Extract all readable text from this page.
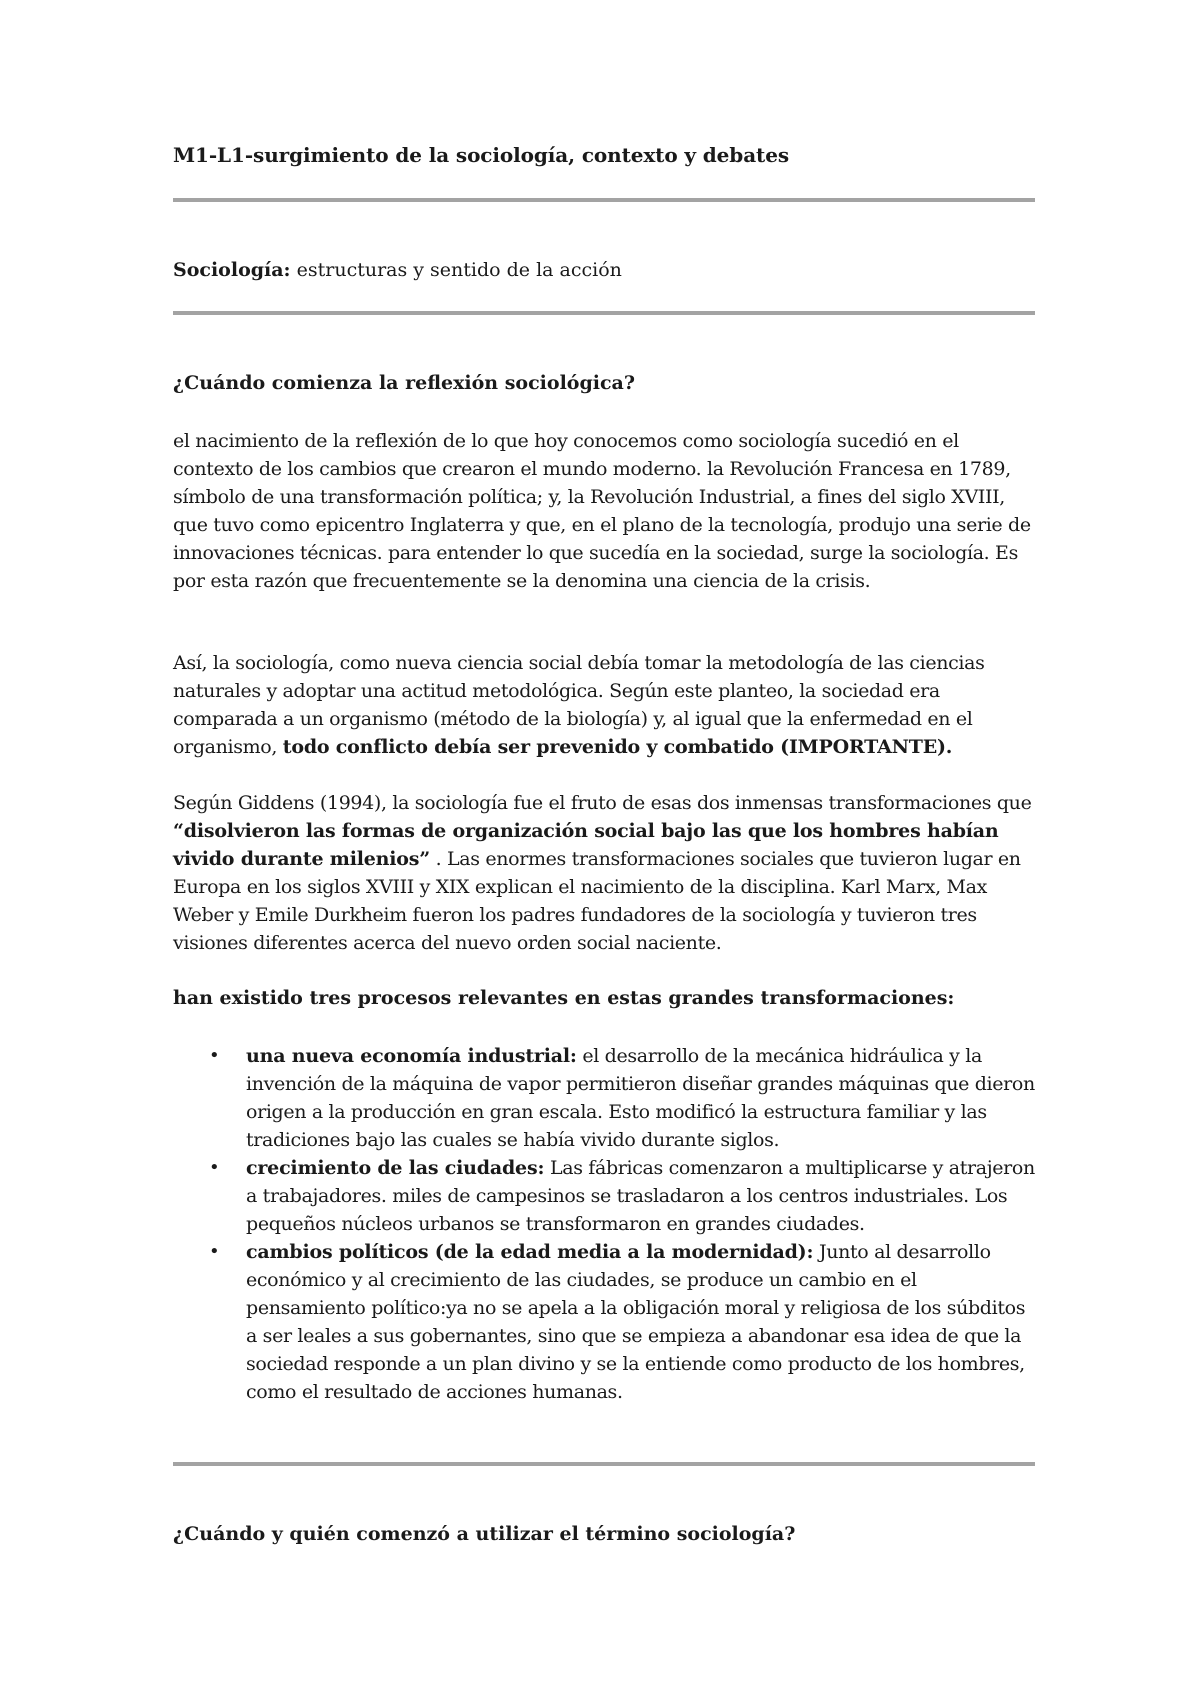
M1-L1-surgimiento de la sociología, contexto y debates
Sociología: estructuras y sentido de la acción
¿Cuándo comienza la reflexión sociológica?
el nacimiento de la reflexión de lo que hoy conocemos como sociología sucedió en el contexto de los cambios que crearon el mundo moderno. la Revolución Francesa en 1789, símbolo de una transformación política; y, la Revolución Industrial, a fines del siglo XVIII, que tuvo como epicentro Inglaterra y que, en el plano de la tecnología, produjo una serie de innovaciones técnicas. para entender lo que sucedía en la sociedad, surge la sociología. Es por esta razón que frecuentemente se la denomina una ciencia de la crisis.
Así, la sociología, como nueva ciencia social debía tomar la metodología de las ciencias naturales y adoptar una actitud metodológica. Según este planteo, la sociedad era comparada a un organismo (método de la biología) y, al igual que la enfermedad en el organismo, todo conflicto debía ser prevenido y combatido (IMPORTANTE).
Según Giddens (1994), la sociología fue el fruto de esas dos inmensas transformaciones que “disolvieron las formas de organización social bajo las que los hombres habían vivido durante milenios” . Las enormes transformaciones sociales que tuvieron lugar en Europa en los siglos XVIII y XIX explican el nacimiento de la disciplina. Karl Marx, Max Weber y Emile Durkheim fueron los padres fundadores de la sociología y tuvieron tres visiones diferentes acerca del nuevo orden social naciente.
han existido tres procesos relevantes en estas grandes transformaciones:
• una nueva economía industrial: el desarrollo de la mecánica hidráulica y la invención de la máquina de vapor permitieron diseñar grandes máquinas que dieron origen a la producción en gran escala. Esto modificó la estructura familiar y las tradiciones bajo las cuales se había vivido durante siglos.
• crecimiento de las ciudades: Las fábricas comenzaron a multiplicarse y atrajeron a trabajadores. miles de campesinos se trasladaron a los centros industriales. Los pequeños núcleos urbanos se transformaron en grandes ciudades.
• cambios políticos (de la edad media a la modernidad): Junto al desarrollo económico y al crecimiento de las ciudades, se produce un cambio en el pensamiento político:ya no se apela a la obligación moral y religiosa de los súbditos a ser leales a sus gobernantes, sino que se empieza a abandonar esa idea de que la sociedad responde a un plan divino y se la entiende como producto de los hombres, como el resultado de acciones humanas.
¿Cuándo y quién comenzó a utilizar el término sociología?
